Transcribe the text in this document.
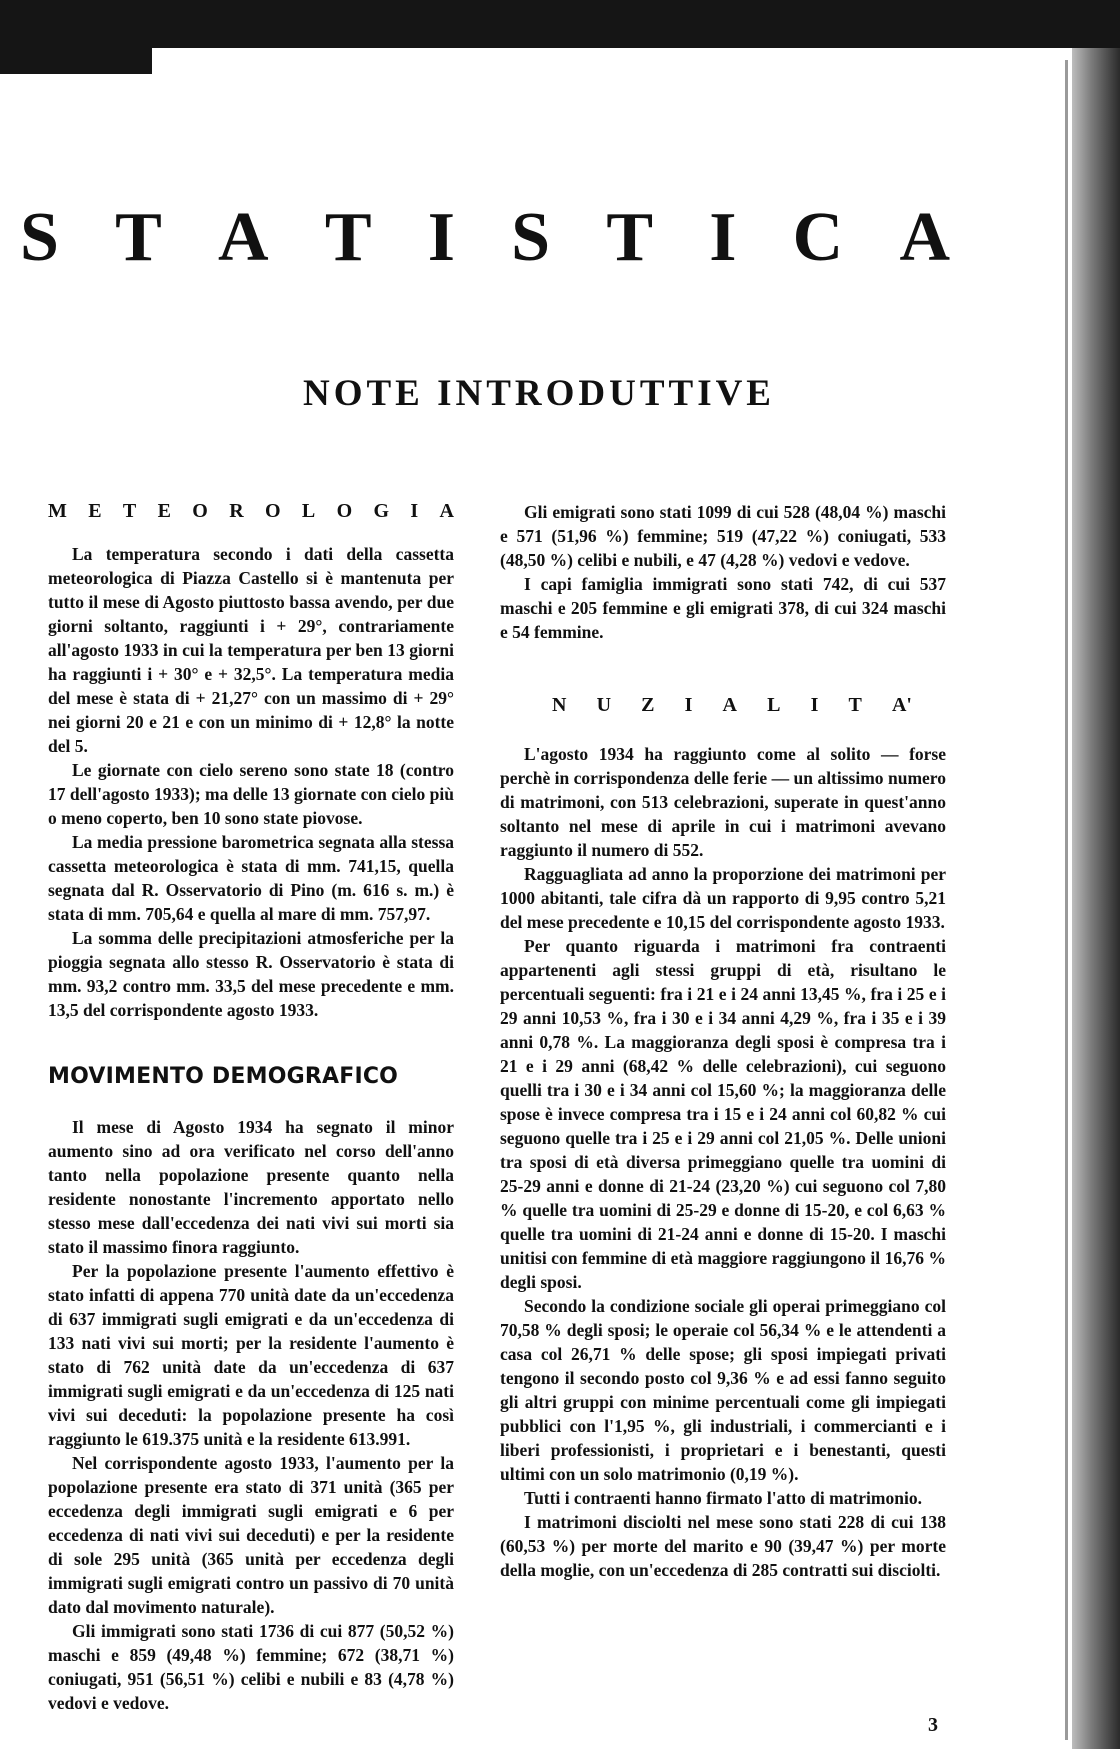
S T A T I S T I C A
NOTE INTRODUTTIVE
M E T E O R O L O G I A

La temperatura secondo i dati della cassetta meteorologica di Piazza Castello si è mantenuta per tutto il mese di Agosto piuttosto bassa avendo, per due giorni soltanto, raggiunti i + 29°, contrariamente all'agosto 1933 in cui la temperatura per ben 13 giorni ha raggiunti i + 30° e + 32,5°. La temperatura media del mese è stata di + 21,27° con un massimo di + 29° nei giorni 20 e 21 e con un minimo di + 12,8° la notte del 5.

Le giornate con cielo sereno sono state 18 (contro 17 dell'agosto 1933); ma delle 13 giornate con cielo più o meno coperto, ben 10 sono state piovose.

La media pressione barometrica segnata alla stessa cassetta meteorologica è stata di mm. 741,15, quella segnata dal R. Osservatorio di Pino (m. 616 s. m.) è stata di mm. 705,64 e quella al mare di mm. 757,97.

La somma delle precipitazioni atmosferiche per la pioggia segnata allo stesso R. Osservatorio è stata di mm. 93,2 contro mm. 33,5 del mese precedente e mm. 13,5 del corrispondente agosto 1933.

MOVIMENTO DEMOGRAFICO

Il mese di Agosto 1934 ha segnato il minor aumento sino ad ora verificato nel corso dell'anno tanto nella popolazione presente quanto nella residente nonostante l'incremento apportato nello stesso mese dall'eccedenza dei nati vivi sui morti sia stato il massimo finora raggiunto.

Per la popolazione presente l'aumento effettivo è stato infatti di appena 770 unità date da un'eccedenza di 637 immigrati sugli emigrati e da un'eccedenza di 133 nati vivi sui morti; per la residente l'aumento è stato di 762 unità date da un'eccedenza di 637 immigrati sugli emigrati e da un'eccedenza di 125 nati vivi sui deceduti: la popolazione presente ha così raggiunto le 619.375 unità e la residente 613.991.

Nel corrispondente agosto 1933, l'aumento per la popolazione presente era stato di 371 unità (365 per eccedenza degli immigrati sugli emigrati e 6 per eccedenza di nati vivi sui deceduti) e per la residente di sole 295 unità (365 unità per eccedenza degli immigrati sugli emigrati contro un passivo di 70 unità dato dal movimento naturale).

Gli immigrati sono stati 1736 di cui 877 (50,52 %) maschi e 859 (49,48 %) femmine; 672 (38,71 %) coniugati, 951 (56,51 %) celibi e nubili e 83 (4,78 %) vedovi e vedove.

Gli emigrati sono stati 1099 di cui 528 (48,04 %) maschi e 571 (51,96 %) femmine; 519 (47,22 %) coniugati, 533 (48,50 %) celibi e nubili, e 47 (4,28 %) vedovi e vedove.

I capi famiglia immigrati sono stati 742, di cui 537 maschi e 205 femmine e gli emigrati 378, di cui 324 maschi e 54 femmine.

N U Z I A L I T A'

L'agosto 1934 ha raggiunto come al solito — forse perchè in corrispondenza delle ferie — un altissimo numero di matrimoni, con 513 celebrazioni, superate in quest'anno soltanto nel mese di aprile in cui i matrimoni avevano raggiunto il numero di 552.

Ragguagliata ad anno la proporzione dei matrimoni per 1000 abitanti, tale cifra dà un rapporto di 9,95 contro 5,21 del mese precedente e 10,15 del corrispondente agosto 1933.

Per quanto riguarda i matrimoni fra contraenti appartenenti agli stessi gruppi di età, risultano le percentuali seguenti: fra i 21 e i 24 anni 13,45 %, fra i 25 e i 29 anni 10,53 %, fra i 30 e i 34 anni 4,29 %, fra i 35 e i 39 anni 0,78 %. La maggioranza degli sposi è compresa tra i 21 e i 29 anni (68,42 % delle celebrazioni), cui seguono quelli tra i 30 e i 34 anni col 15,60 %; la maggioranza delle spose è invece compresa tra i 15 e i 24 anni col 60,82 % cui seguono quelle tra i 25 e i 29 anni col 21,05 %. Delle unioni tra sposi di età diversa primeggiano quelle tra uomini di 25-29 anni e donne di 21-24 (23,20 %) cui seguono col 7,80 % quelle tra uomini di 25-29 e donne di 15-20, e col 6,63 % quelle tra uomini di 21-24 anni e donne di 15-20. I maschi unitisi con femmine di età maggiore raggiungono il 16,76 % degli sposi.

Secondo la condizione sociale gli operai primeggiano col 70,58 % degli sposi; le operaie col 56,34 % e le attendenti a casa col 26,71 % delle spose; gli sposi impiegati privati tengono il secondo posto col 9,36 % e ad essi fanno seguito gli altri gruppi con minime percentuali come gli impiegati pubblici con l'1,95 %, gli industriali, i commercianti e i liberi professionisti, i proprietari e i benestanti, questi ultimi con un solo matrimonio (0,19 %).

Tutti i contraenti hanno firmato l'atto di matrimonio.

I matrimoni disciolti nel mese sono stati 228 di cui 138 (60,53 %) per morte del marito e 90 (39,47 %) per morte della moglie, con un'eccedenza di 285 contratti sui disciolti.

3
